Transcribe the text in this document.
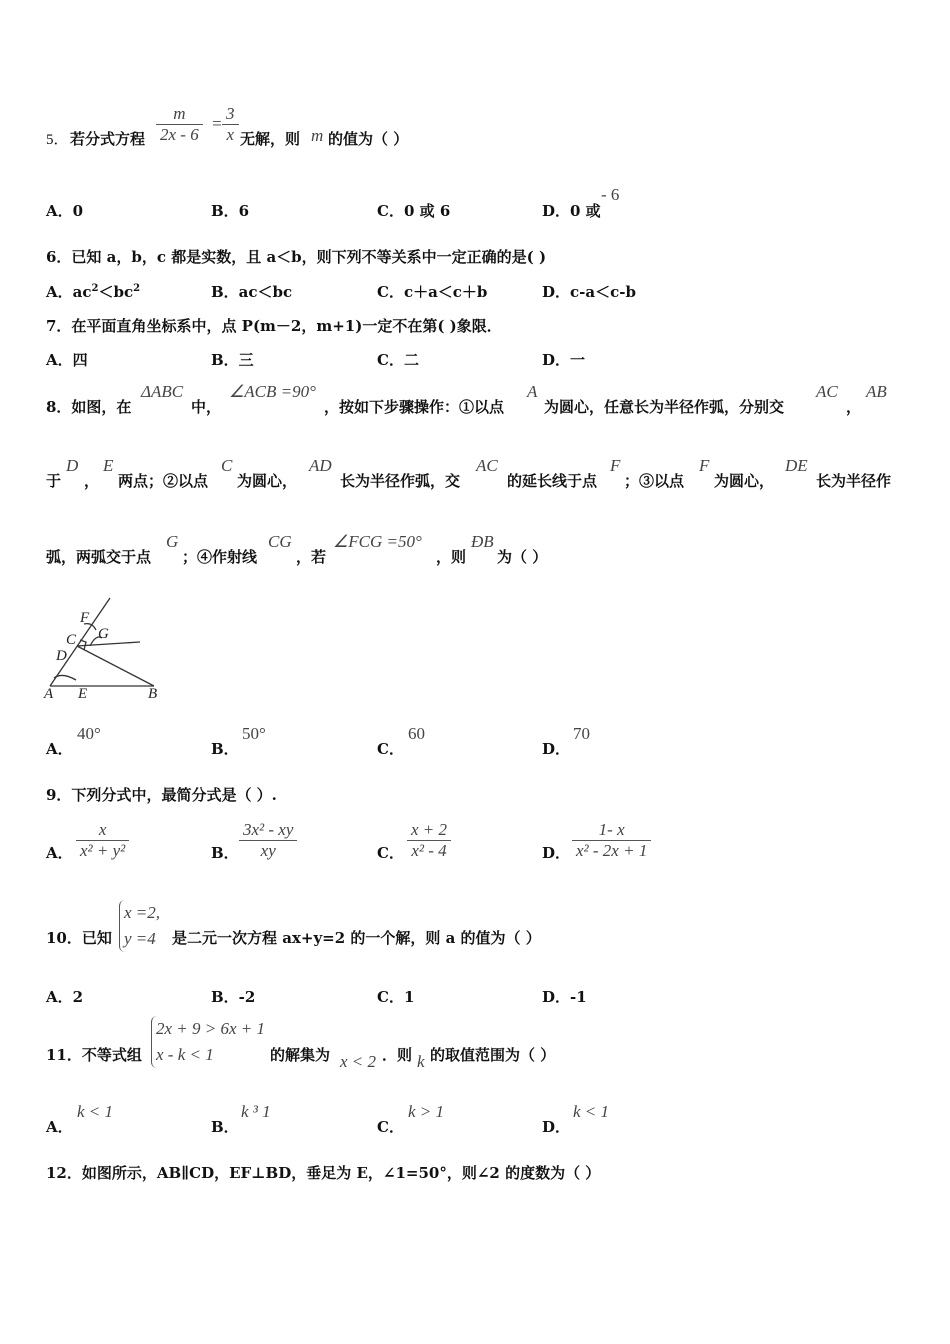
5． 若分式方程 $\frac{m}{2x - 6} = \frac{3}{x}$ 无解，则 m 的值为（ ）
A．0	B．6	C．0 或 6	D．0 或
- 6
6．已知 a，b，c 都是实数，且 a＜b，则下列不等关系中一定正确的是( )
A．$ac^2<bc^2$	B．ac＜bc	C．c＋a＜c＋b	D．c-a＜c-b
7．在平面直角坐标系中，点 P(m－2，m+1)一定不在第( )象限．
A．四	B．三	C．二	D．一
8．如图，在
ΔABC
中，
∠ACB =90°
，按如下步骤操作：①以点
A
为圆心，任意长为半径作弧，分别交
AC
，
AB
于
D
，
E
两点；②以点
C
为圆心，
AD
长为半径作弧，交
AC
的延长线于点
F
；③以点
F
为圆心，
DE
长为半径作
弧，两弧交于点
G
；④作射线
CG
，若
∠FCG =50°
，则
ÐB
为（ ）
F
G
C
D
A E	B
A．
40°
B．
50°
C．
60
D．
70
9．下列分式中，最简分式是（ ）.
A． $\frac{x}{\text{x² + y²}}$	B． $\frac{\text{3x² - xy}}{xy}$	C． $\frac{x + 2}{\text{x² - 4}}$	D． $\frac{1- x}{\text{x² - 2x + 1}}$
10．已知
x =2,
y =4 是二元一次方程 ax+y=2 的一个解，则 a 的值为（ ）
A．2	B．-2	C．1	D．-1
11．不等式组
2x + 9 > 6x + 1
x - k < 1	的解集为 x < 2 ．则 k 的取值范围为（ ）
A．
k < 1
B．
k ³ 1
C．
k > 1
D．
k < 1
12．如图所示，AB∥CD，EF⊥BD，垂足为 E，∠1=50°，则∠2 的度数为（ ）
